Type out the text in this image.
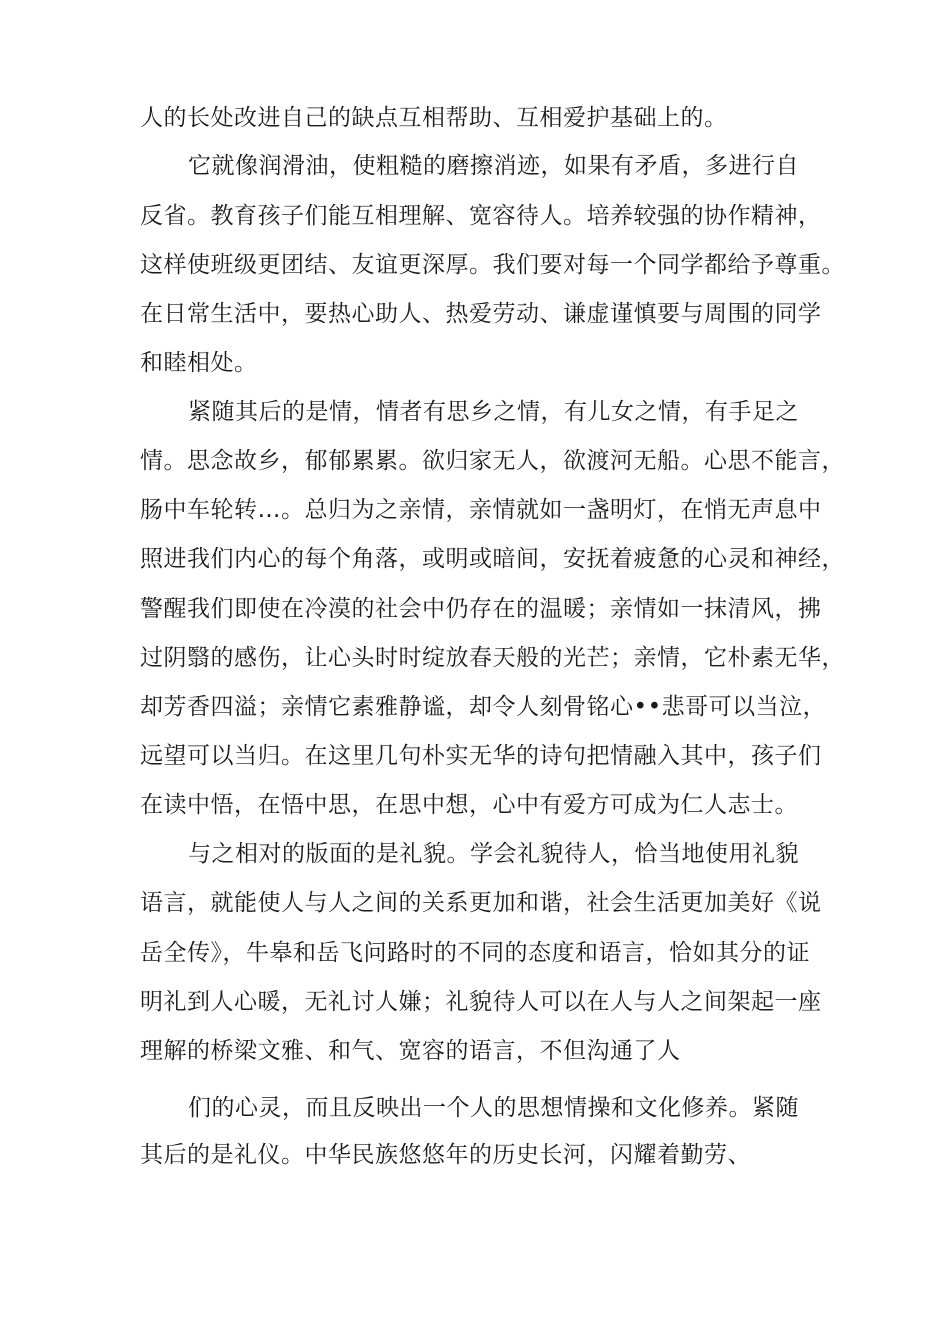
人的长处改进自己的缺点互相帮助、互相爱护基础上的。
它就像润滑油，使粗糙的磨擦消迹，如果有矛盾，多进行自
反省。教育孩子们能互相理解、宽容待人。培养较强的协作精神，
这样使班级更团结、友谊更深厚。我们要对每一个同学都给予尊重。
在日常生活中，要热心助人、热爱劳动、谦虚谨慎要与周围的同学
和睦相处。
紧随其后的是情，情者有思乡之情，有儿女之情，有手足之
情。思念故乡，郁郁累累。欲归家无人，欲渡河无船。心思不能言，
肠中车轮转…。总归为之亲情，亲情就如一盏明灯，在悄无声息中
照进我们内心的每个角落，或明或暗间，安抚着疲惫的心灵和神经，
警醒我们即使在冷漠的社会中仍存在的温暖；亲情如一抹清风，拂
过阴翳的感伤，让心头时时绽放春天般的光芒；亲情，它朴素无华，
却芳香四溢；亲情它素雅静谧，却令人刻骨铭心••悲哥可以当泣，
远望可以当归。在这里几句朴实无华的诗句把情融入其中，孩子们
在读中悟，在悟中思，在思中想，心中有爱方可成为仁人志士。
与之相对的版面的是礼貌。学会礼貌待人，恰当地使用礼貌
语言，就能使人与人之间的关系更加和谐，社会生活更加美好《说
岳全传》，牛皋和岳飞问路时的不同的态度和语言，恰如其分的证
明礼到人心暖，无礼讨人嫌；礼貌待人可以在人与人之间架起一座
理解的桥梁文雅、和气、宽容的语言，不但沟通了人
们的心灵，而且反映出一个人的思想情操和文化修养。紧随
其后的是礼仪。中华民族悠悠年的历史长河，闪耀着勤劳、
